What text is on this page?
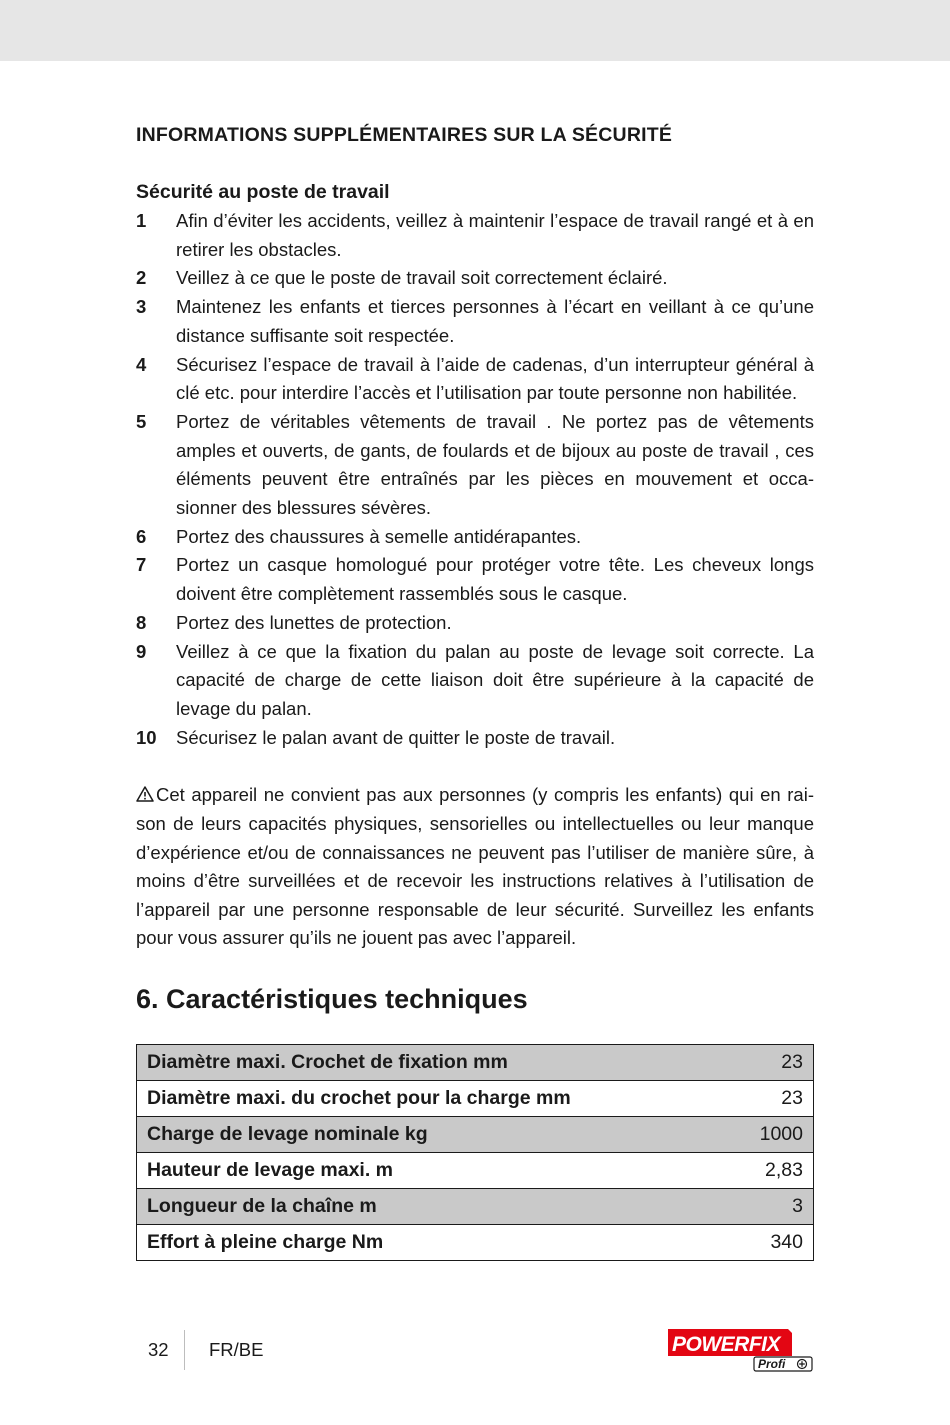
INFORMATIONS SUPPLÉMENTAIRES SUR LA SÉCURITÉ
Sécurité au poste de travail
1	Afin d’éviter les accidents, veillez à maintenir l’espace de travail rangé et à en retirer les obstacles.
2	Veillez à ce que le poste de travail soit correctement éclairé.
3	Maintenez les enfants et tierces personnes à l’écart en veillant à ce qu’une distance suffisante soit respectée.
4	Sécurisez l’espace de travail à l’aide de cadenas, d’un interrupteur général à clé etc. pour interdire l’accès et l’utilisation par toute personne non habilitée.
5	Portez de véritables vêtements de travail . Ne portez pas de vêtements amples et ouverts, de gants, de foulards et de bijoux au poste de travail , ces éléments peuvent être entraînés par les pièces en mouvement et occa-sionner des blessures sévères.
6	Portez des chaussures à semelle antidérapantes.
7	Portez un casque homologué pour protéger votre tête. Les cheveux longs doivent être complètement rassemblés sous le casque.
8	Portez des lunettes de protection.
9	Veillez à ce que la fixation du palan au poste de levage soit correcte. La capacité de charge de cette liaison doit être supérieure à la capacité de levage du palan.
10	Sécurisez le palan avant de quitter le poste de travail.

Cet appareil ne convient pas aux personnes (y compris les enfants) qui en rai-son de leurs capacités physiques, sensorielles ou intellectuelles ou leur manque d’expérience et/ou de connaissances ne peuvent pas l’utiliser de manière sûre, à moins d’être surveillées et de recevoir les instructions relatives à l’utilisation de l’appareil par une personne responsable de leur sécurité. Surveillez les enfants pour vous assurer qu’ils ne jouent pas avec l’appareil.

6. Caractéristiques techniques
Diamètre maxi. Crochet de fixation mm	23
Diamètre maxi. du crochet pour la charge mm	23
Charge de levage nominale kg	1000
Hauteur de levage maxi. m	2,83
Longueur de la chaîne m	3
Effort à pleine charge Nm	340
32	FR/BE	POWERFIX
Profi
